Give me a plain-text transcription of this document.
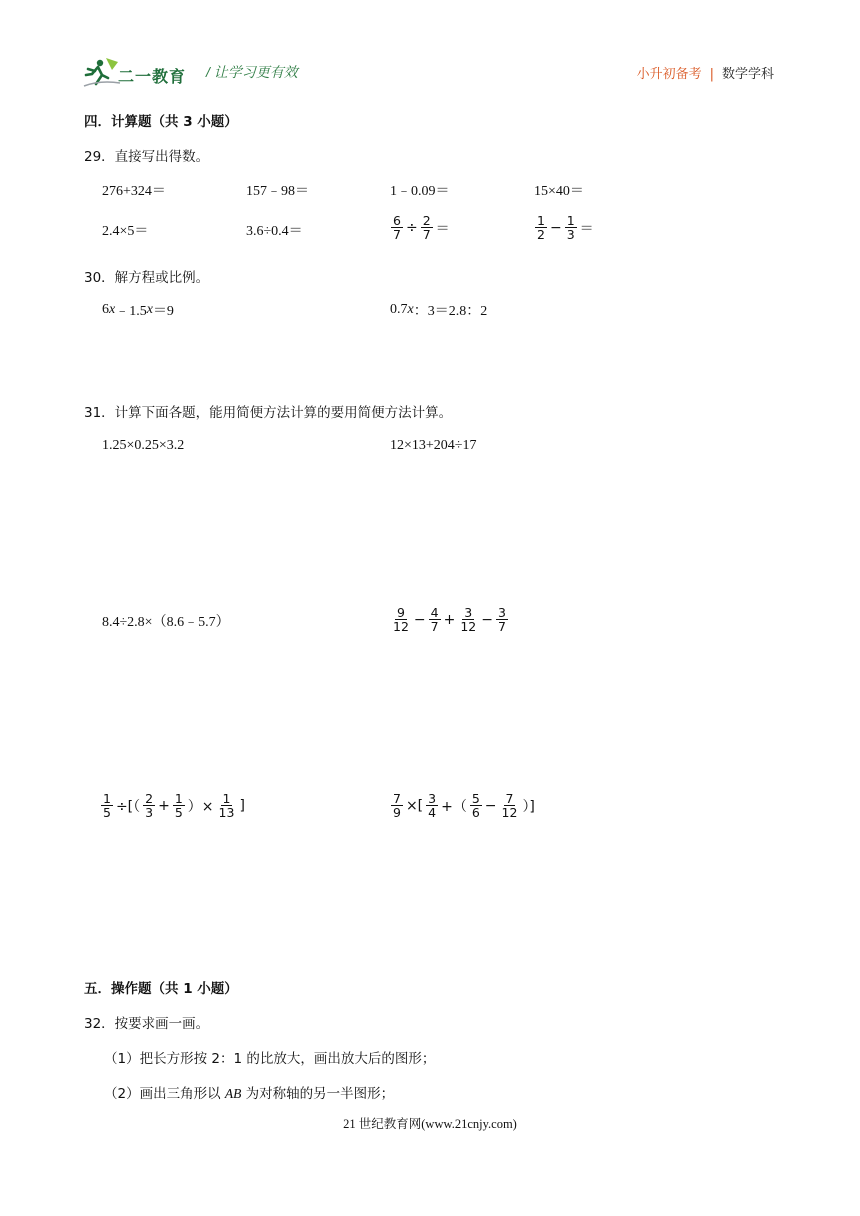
二一教育 / 让学习更有效	小升初备考 | 数学学科
四．计算题（共 3 小题）
29．直接写出得数。
276+324＝	157﹣98＝	1﹣0.09＝	15×40＝
2.4×5＝	3.6÷0.4＝	$\frac{6}{7} \div \frac{2}{7}$ ＝	$\frac{1}{2} - \frac{1}{3}$ ＝
30．解方程或比例。
6 x ﹣1.5 x ＝9	0.7 x ：3＝2.8：2
31．计算下面各题，能用简便方法计算的要用简便方法计算。
1.25×0.25×3.2	12×13+204÷17
8.4÷2.8×（8.6﹣5.7）	$\frac{9}{12} - \frac{4}{7} + \frac{3}{12} - \frac{3}{7}$
$\frac{1}{5}$ ÷[（ $\frac{2}{3} + \frac{1}{5}$ ）× $\frac{1}{13}$ ]	$\frac{7}{9}$ ×[ $\frac{3}{4}$ +（ $\frac{5}{6} - \frac{7}{12}$ ）]
五．操作题（共 1 小题）
32．按要求画一画。
（1）把长方形按 2：1 的比放大，画出放大后的图形；
（2）画出三角形以 AB 为对称轴的另一半图形；
21 世纪教育网(www.21cnjy.com)
